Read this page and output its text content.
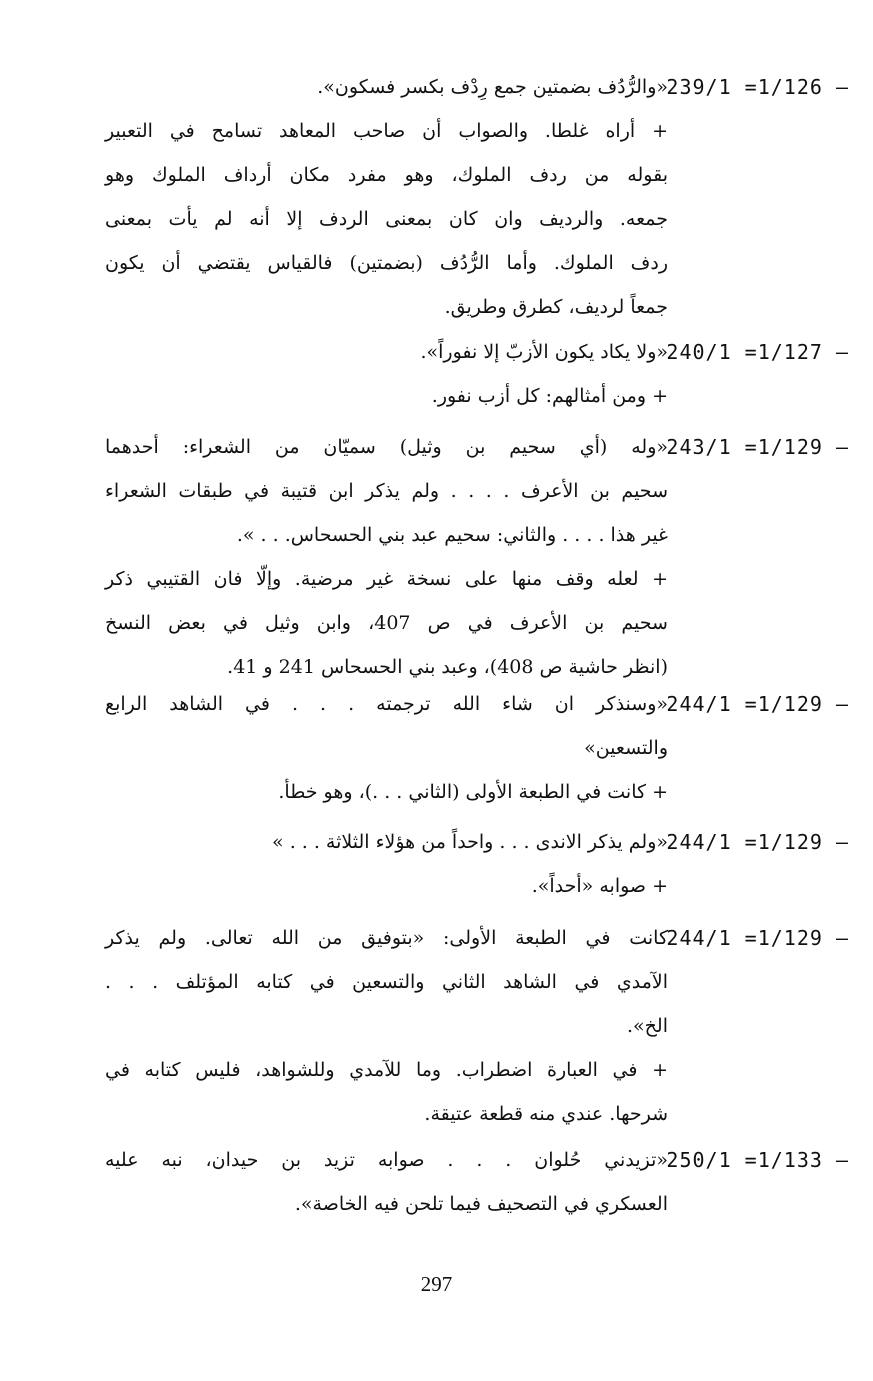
239/1 =1/126 –
«والرُّدُف بضمتين جمع رِدْف بكسر فسكون».
+ أراه غلطا. والصواب أن صاحب المعاهد تسامح في التعبير
بقوله من ردف الملوك، وهو مفرد مكان أرداف الملوك وهو
جمعه. والرديف وان كان بمعنى الردف إلا أنه لم يأت بمعنى
ردف الملوك. وأما الرُّدُف (بضمتين) فالقياس يقتضي أن يكون
جمعاً لرديف، كطرق وطريق.
240/1 =1/127 –
«ولا يكاد يكون الأزبّ إلا نفوراً».
+ ومن أمثالهم: كل أزب نفور.
243/1 =1/129 –
«وله (أي سحيم بن وثيل) سميّان من الشعراء: أحدهما
سحيم بن الأعرف . . . . ولم يذكر ابن قتيبة في طبقات الشعراء
غير هذا . . . . والثاني: سحيم عبد بني الحسحاس. . . ».
+ لعله وقف منها على نسخة غير مرضية. وإلّا فان القتيبي ذكر
سحيم بن الأعرف في ص 407، وابن وثيل في بعض النسخ
(انظر حاشية ص 408)، وعبد بني الحسحاس 241 و 41.
244/1 =1/129 –
«وسنذكر ان شاء الله ترجمته . . . في الشاهد الرابع
والتسعين»
+ كانت في الطبعة الأولى (الثاني . . .)، وهو خطأ.
244/1 =1/129 –
«ولم يذكر الاندى . . . واحداً من هؤلاء الثلاثة . . . »
+ صوابه «أحداً».
244/1 =1/129 –
كانت في الطبعة الأولى: «بتوفيق من الله تعالى. ولم يذكر
الآمدي في الشاهد الثاني والتسعين في كتابه المؤتلف . . .
الخ».
+ في العبارة اضطراب. وما للآمدي وللشواهد، فليس كتابه في
شرحها. عندي منه قطعة عتيقة.
250/1 =1/133 –
«تزيدني حُلوان . . . صوابه تزيد بن حيدان، نبه عليه
العسكري في التصحيف فيما تلحن فيه الخاصة».
297
